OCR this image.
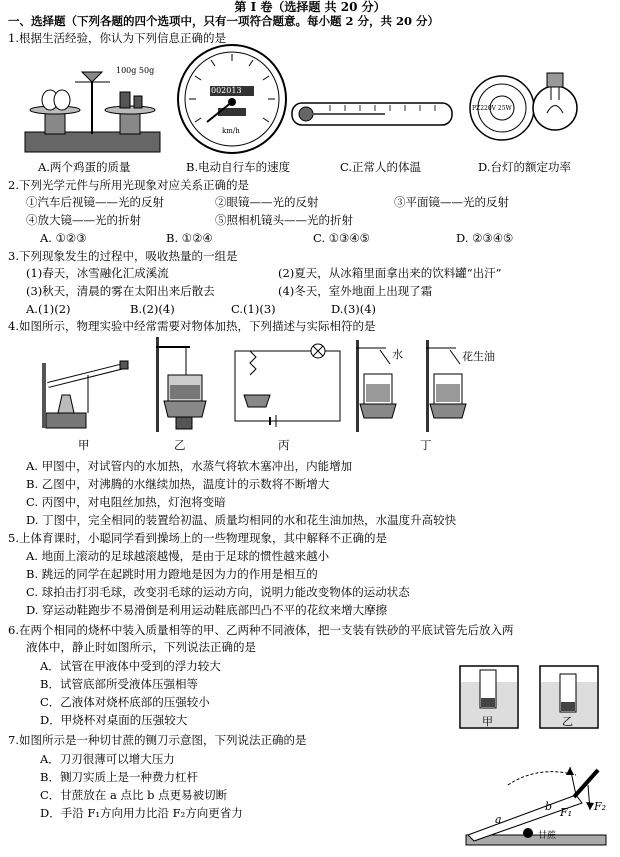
第 I 卷（选择题 共 20 分）
一、选择题（下列各题的四个选项中，只有一项符合题意。每小题 2 分，共 20 分）
1.根据生活经验，你认为下列信息正确的是
100g 50g
002013
km/h
PZ220V 25W
A.两个鸡蛋的质量	B.电动自行车的速度	C.正常人的体温	D.台灯的额定功率
2.下列光学元件与所用光现象对应关系正确的是
①汽车后视镜——光的反射	②眼镜——光的反射	③平面镜——光的反射
④放大镜——光的折射	⑤照相机镜头——光的折射
A. ①②③	B. ①②④	C. ①③④⑤	D. ②③④⑤
3.下列现象发生的过程中，吸收热量的一组是
(1)春天，冰雪融化汇成溪流	(2)夏天，从冰箱里面拿出来的饮料罐“出汗”
(3)秋天，清晨的雾在太阳出来后散去	(4)冬天，室外地面上出现了霜
A.(1)(2)	B.(2)(4)	C.(1)(3)	D.(3)(4)
4.如图所示，物理实验中经常需要对物体加热，下列描述与实际相符的是
甲	乙	丙
水	花生油
丁
A. 甲图中，对试管内的水加热，水蒸气将软木塞冲出，内能增加
B. 乙图中，对沸腾的水继续加热，温度计的示数将不断增大
C. 丙图中，对电阻丝加热，灯泡将变暗
D. 丁图中，完全相同的装置给初温、质量均相同的水和花生油加热，水温度升高较快
5.上体育课时，小聪同学看到操场上的一些物理现象，其中解释不正确的是
A. 地面上滚动的足球越滚越慢，是由于足球的惯性越来越小
B. 跳远的同学在起跳时用力蹬地是因为力的作用是相互的
C. 球拍击打羽毛球，改变羽毛球的运动方向，说明力能改变物体的运动状态
D. 穿运动鞋跑步不易滑倒是利用运动鞋底部凹凸不平的花纹来增大摩擦
6.在两个相同的烧杯中装入质量相等的甲、乙两种不同液体，把一支装有铁砂的平底试管先后放入两
液体中，静止时如图所示，下列说法正确的是
A．试管在甲液体中受到的浮力较大
B．试管底部所受液体压强相等
C．乙液体对烧杯底部的压强较小
D．甲烧杯对桌面的压强较大	甲	乙
7.如图所示是一种切甘蔗的铡刀示意图，下列说法正确的是
A．刀刃很薄可以增大压力
B．铡刀实质上是一种费力杠杆
C．甘蔗放在 a 点比 b 点更易被切断
D．手沿 F₁方向用力比沿 F₂方向更省力	a
b F₁ F₂
甘蔗
